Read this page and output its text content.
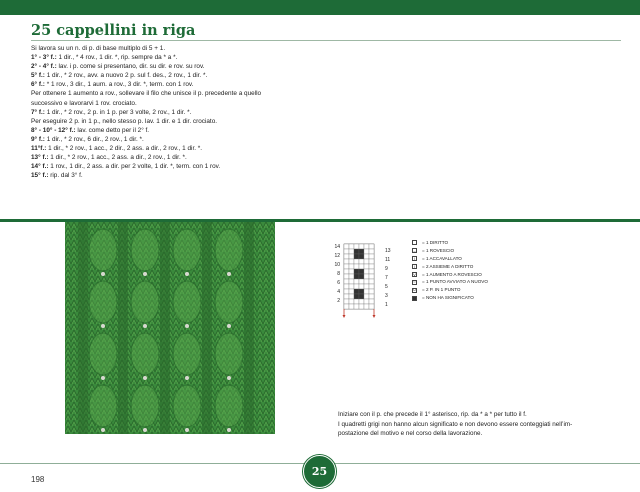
25 cappellini in riga
Si lavora su un n. di p. di base multiplo di 5 + 1.
1° - 3° f.: 1 dir., * 4 rov., 1 dir. *, rip. sempre da * a *.
2° - 4° f.: lav. i p. come si presentano, dir. su dir. e rov. su rov.
5° f.: 1 dir., * 2 rov., avv. a nuovo 2 p. sul f. des., 2 rov., 1 dir. *.
6° f.: * 1 rov., 3 dir., 1 aum. a rov., 3 dir. *, term. con 1 rov.
Per ottenere 1 aumento a rov., sollevare il filo che unisce il p. precedente a quello
successivo e lavorarvi 1 rov. crociato.
7° f.: 1 dir., * 2 rov., 2 p. in 1 p. per 3 volte, 2 rov., 1 dir. *.
Per eseguire 2 p. in 1 p., nello stesso p. lav. 1 dir. e 1 dir. crociato.
8° - 10° - 12° f.: lav. come detto per il 2° f.
9° f.: 1 dir., * 2 rov., 6 dir., 2 rov., 1 dir. *.
11°f.: 1 dir., * 2 rov., 1 acc., 2 dir., 2 ass. a dir., 2 rov., 1 dir. *.
13° f.: 1 dir., * 2 rov., 1 acc., 2 ass. a dir., 2 rov., 1 dir. *.
14° f.: 1 rov., 1 dir., 2 ass. a dir. per 2 volte, 1 dir. *, term. con 1 rov.
15° f.: rip. dal 3° f.
14
12
10
8
6
4
2
13
11
9
7
5
3
1
= 1 DIRITTO
–	= 1 ROVESCIO
\	= 1 ACCAVALLATO
/	= 2 ASSIEME A DIRITTO
V = 1 AUMENTO A ROVESCIO
○ = 1 PUNTO AVVIATO A NUOVO
∪ = 2 P. IN 1 PUNTO
= NON HA SIGNIFICATO
Iniziare con il p. che precede il 1° asterisco, rip. da * a * per tutto il f.
I quadretti grigi non hanno alcun significato e non devono essere conteggiati nell’im-
postazione del motivo e nel corso della lavorazione.
25
198
